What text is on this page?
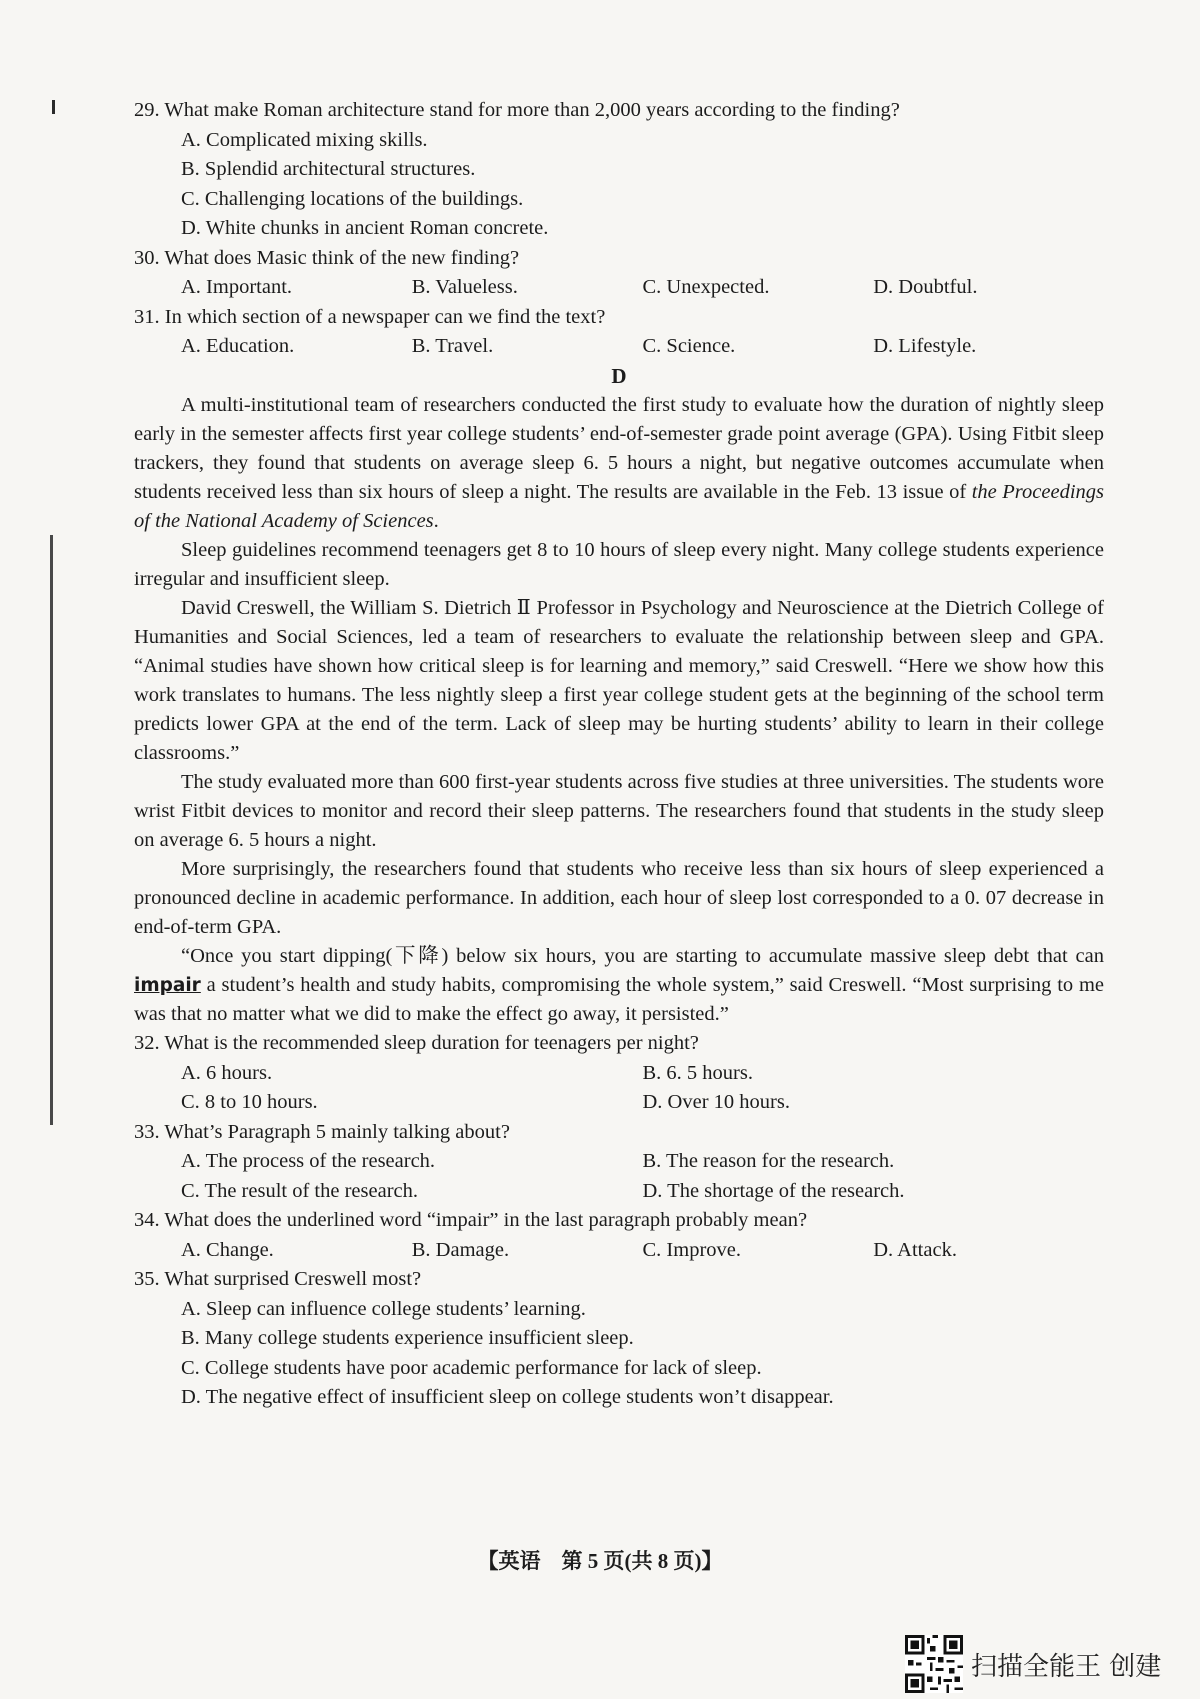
29. What make Roman architecture stand for more than 2,000 years according to the finding?

A. Complicated mixing skills.
B. Splendid architectural structures.
C. Challenging locations of the buildings.
D. White chunks in ancient Roman concrete.

30. What does Masic think of the new finding?

A. Important.	B. Valueless.	C. Unexpected.	D. Doubtful.

31. In which section of a newspaper can we find the text?

A. Education.	B. Travel.	C. Science.	D. Lifestyle.
D

A multi-institutional team of researchers conducted the first study to evaluate how the duration of nightly sleep early in the semester affects first year college students’ end-of-semester grade point average (GPA). Using Fitbit sleep trackers, they found that students on average sleep 6. 5 hours a night, but negative outcomes accumulate when students received less than six hours of sleep a night. The results are available in the Feb. 13 issue of the Proceedings of the National Academy of Sciences.

Sleep guidelines recommend teenagers get 8 to 10 hours of sleep every night. Many college students experience irregular and insufficient sleep.

David Creswell, the William S. Dietrich Ⅱ Professor in Psychology and Neuroscience at the Dietrich College of Humanities and Social Sciences, led a team of researchers to evaluate the relationship between sleep and GPA. “Animal studies have shown how critical sleep is for learning and memory,” said Creswell. “Here we show how this work translates to humans. The less nightly sleep a first year college student gets at the beginning of the school term predicts lower GPA at the end of the term. Lack of sleep may be hurting students’ ability to learn in their college classrooms.”

The study evaluated more than 600 first-year students across five studies at three universities. The students wore wrist Fitbit devices to monitor and record their sleep patterns. The researchers found that students in the study sleep on average 6. 5 hours a night.

More surprisingly, the researchers found that students who receive less than six hours of sleep experienced a pronounced decline in academic performance. In addition, each hour of sleep lost corresponded to a 0. 07 decrease in end-of-term GPA.

“Once you start dipping(下降) below six hours, you are starting to accumulate massive sleep debt that can impair a student’s health and study habits, compromising the whole system,” said Creswell. “Most surprising to me was that no matter what we did to make the effect go away, it persisted.”

32. What is the recommended sleep duration for teenagers per night?

A. 6 hours.	B. 6. 5 hours.
C. 8 to 10 hours.	D. Over 10 hours.

33. What’s Paragraph 5 mainly talking about?

A. The process of the research.	B. The reason for the research.
C. The result of the research.	D. The shortage of the research.

34. What does the underlined word “impair” in the last paragraph probably mean?

A. Change.	B. Damage.	C. Improve.	D. Attack.

35. What surprised Creswell most?

A. Sleep can influence college students’ learning.
B. Many college students experience insufficient sleep.
C. College students have poor academic performance for lack of sleep.
D. The negative effect of insufficient sleep on college students won’t disappear.
【英语　第 5 页(共 8 页)】
扫描全能王 创建
